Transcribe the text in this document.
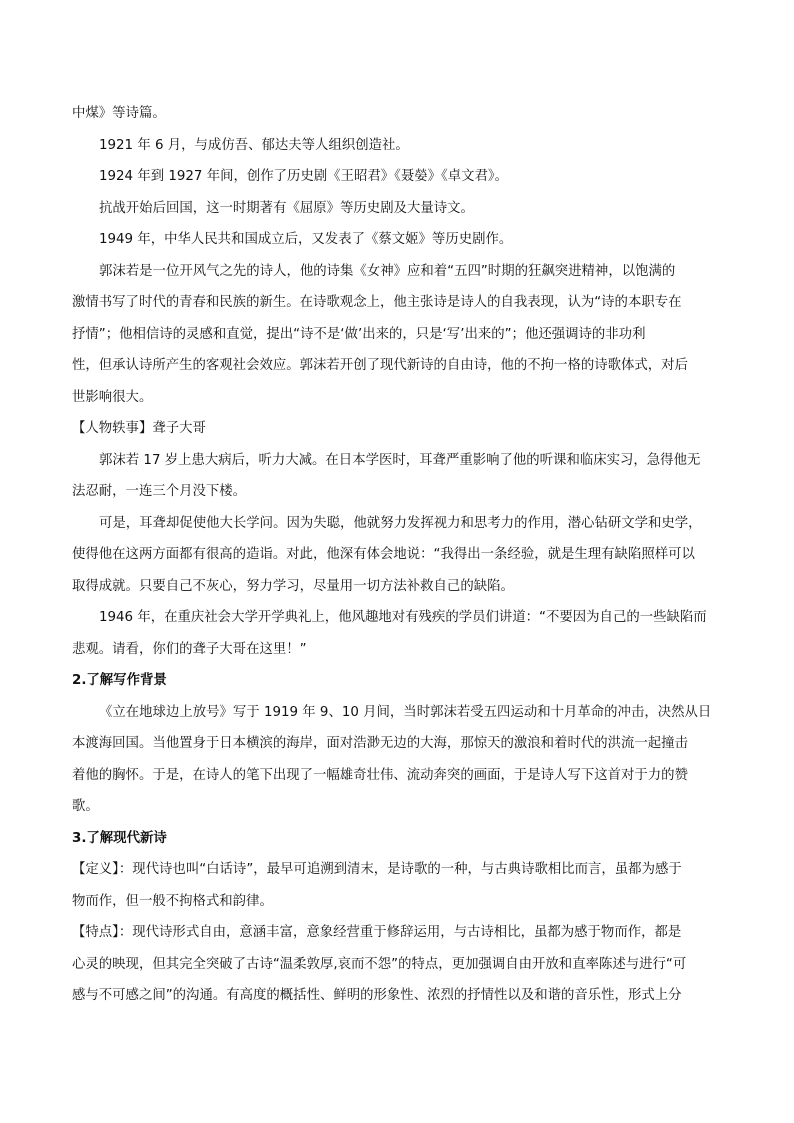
中煤》等诗篇。

1921 年 6 月，与成仿吾、郁达夫等人组织创造社。

1924 年到 1927 年间，创作了历史剧《王昭君》《聂嫈》《卓文君》。

抗战开始后回国，这一时期著有《屈原》等历史剧及大量诗文。

1949 年，中华人民共和国成立后，又发表了《蔡文姬》等历史剧作。

郭沫若是一位开风气之先的诗人，他的诗集《女神》应和着“五四”时期的狂飙突进精神，以饱满的

激情书写了时代的青春和民族的新生。在诗歌观念上，他主张诗是诗人的自我表现，认为“诗的本职专在

抒情”；他相信诗的灵感和直觉，提出“诗不是‘做’出来的，只是‘写’出来的”；他还强调诗的非功利

性，但承认诗所产生的客观社会效应。郭沫若开创了现代新诗的自由诗，他的不拘一格的诗歌体式，对后

世影响很大。

【人物轶事】聋子大哥

郭沫若 17 岁上患大病后，听力大减。在日本学医时，耳聋严重影响了他的听课和临床实习，急得他无

法忍耐，一连三个月没下楼。

可是，耳聋却促使他大长学问。因为失聪，他就努力发挥视力和思考力的作用，潜心钻研文学和史学，

使得他在这两方面都有很高的造诣。对此，他深有体会地说：“我得出一条经验，就是生理有缺陷照样可以

取得成就。只要自己不灰心，努力学习，尽量用一切方法补救自己的缺陷。

1946 年，在重庆社会大学开学典礼上，他风趣地对有残疾的学员们讲道：“不要因为自己的一些缺陷而

悲观。请看，你们的聋子大哥在这里！”

2.了解写作背景

《立在地球边上放号》写于 1919 年 9、10 月间，当时郭沫若受五四运动和十月革命的冲击，决然从日

本渡海回国。当他置身于日本横滨的海岸，面对浩渺无边的大海，那惊天的激浪和着时代的洪流一起撞击

着他的胸怀。于是，在诗人的笔下出现了一幅雄奇壮伟、流动奔突的画面，于是诗人写下这首对于力的赞

歌。

3.了解现代新诗

【定义】：现代诗也叫“白话诗”，最早可追溯到清末，是诗歌的一种，与古典诗歌相比而言，虽都为感于

物而作，但一般不拘格式和韵律。

【特点】：现代诗形式自由，意涵丰富，意象经营重于修辞运用，与古诗相比，虽都为感于物而作，都是

心灵的映现，但其完全突破了古诗“温柔敦厚,哀而不怨”的特点，更加强调自由开放和直率陈述与进行“可

感与不可感之间”的沟通。有高度的概括性、鲜明的形象性、浓烈的抒情性以及和谐的音乐性，形式上分
